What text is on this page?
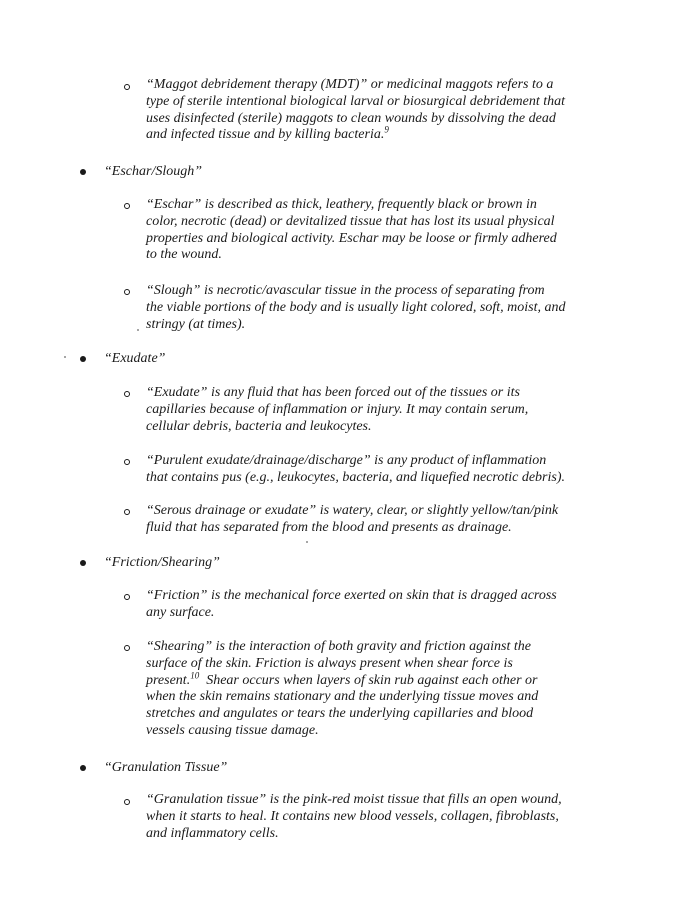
“Maggot debridement therapy (MDT)” or medicinal maggots refers to a
type of sterile intentional biological larval or biosurgical debridement that
uses disinfected (sterile) maggots to clean wounds by dissolving the dead
and infected tissue and by killing bacteria.$^9$
“Eschar/Slough”
“Eschar” is described as thick, leathery, frequently black or brown in
color, necrotic (dead) or devitalized tissue that has lost its usual physical
properties and biological activity. Eschar may be loose or firmly adhered
to the wound.
“Slough” is necrotic/avascular tissue in the process of separating from
the viable portions of the body and is usually light colored, soft, moist, and
stringy (at times).
“Exudate”
“Exudate” is any fluid that has been forced out of the tissues or its
capillaries because of inflammation or injury. It may contain serum,
cellular debris, bacteria and leukocytes.
“Purulent exudate/drainage/discharge” is any product of inflammation
that contains pus (e.g., leukocytes, bacteria, and liquefied necrotic debris).
“Serous drainage or exudate” is watery, clear, or slightly yellow/tan/pink
fluid that has separated from the blood and presents as drainage.
“Friction/Shearing”
“Friction” is the mechanical force exerted on skin that is dragged across
any surface.
“Shearing” is the interaction of both gravity and friction against the
surface of the skin. Friction is always present when shear force is
present.$^{10}$  Shear occurs when layers of skin rub against each other or
when the skin remains stationary and the underlying tissue moves and
stretches and angulates or tears the underlying capillaries and blood
vessels causing tissue damage.
“Granulation Tissue”
“Granulation tissue” is the pink-red moist tissue that fills an open wound,
when it starts to heal. It contains new blood vessels, collagen, fibroblasts,
and inflammatory cells.
